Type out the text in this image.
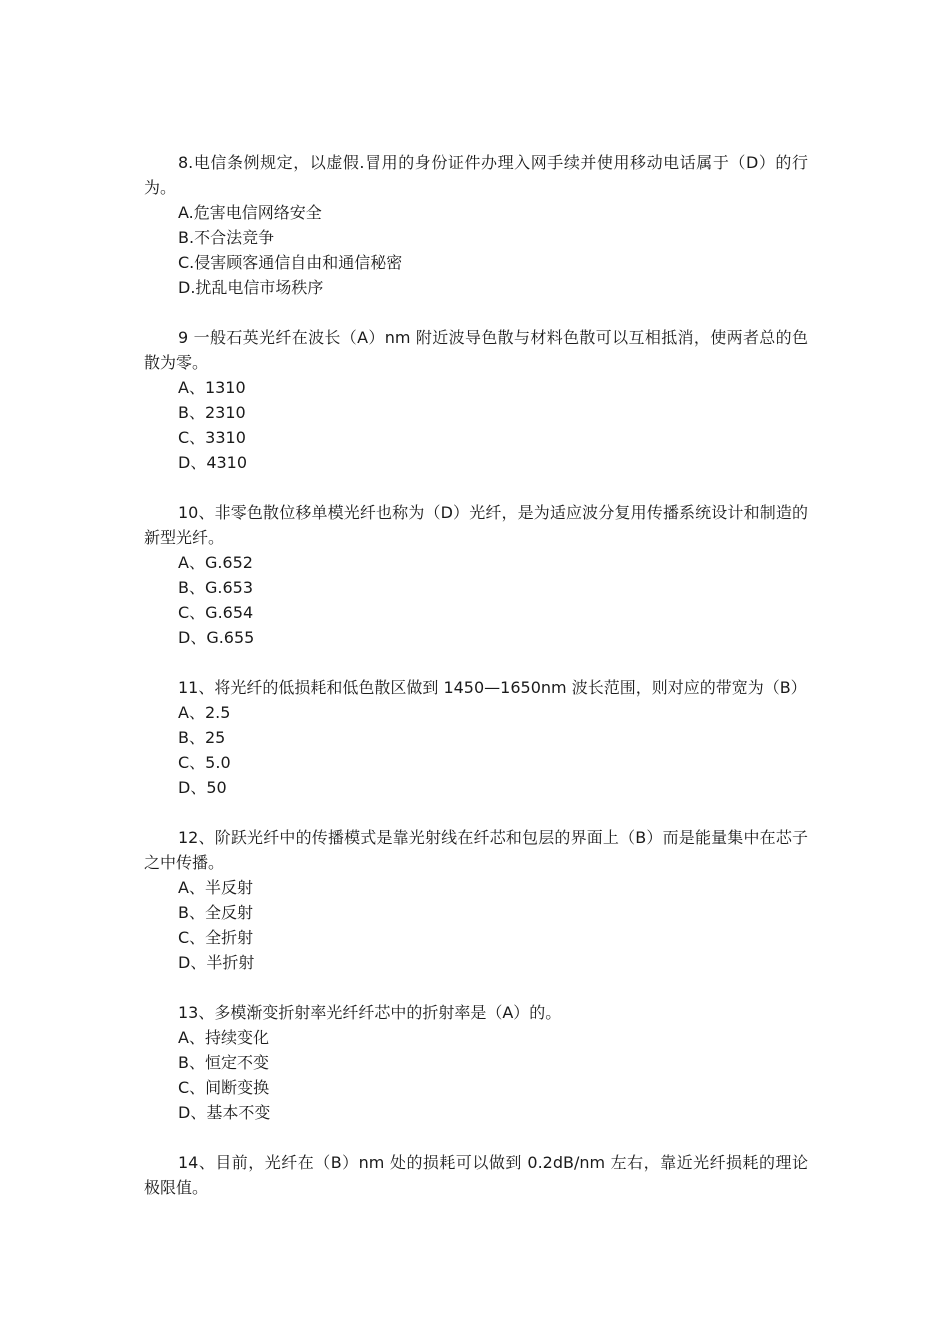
8.电信条例规定，以虚假.冒用的身份证件办理入网手续并使用移动电话属于（D）的行为。

A.危害电信网络安全
B.不合法竞争
C.侵害顾客通信自由和通信秘密
D.扰乱电信市场秩序

9 一般石英光纤在波长（A）nm 附近波导色散与材料色散可以互相抵消，使两者总的色散为零。

A、1310
B、2310
C、3310
D、4310

10、非零色散位移单模光纤也称为（D）光纤，是为适应波分复用传播系统设计和制造的新型光纤。

A、G.652
B、G.653
C、G.654
D、G.655

11、将光纤的低损耗和低色散区做到 1450—1650nm 波长范围，则对应的带宽为（B）

A、2.5
B、25
C、5.0
D、50

12、阶跃光纤中的传播模式是靠光射线在纤芯和包层的界面上（B）而是能量集中在芯子之中传播。

A、半反射
B、全反射
C、全折射
D、半折射

13、多模渐变折射率光纤纤芯中的折射率是（A）的。

A、持续变化
B、恒定不变
C、间断变换
D、基本不变

14、目前，光纤在（B）nm 处的损耗可以做到 0.2dB/nm 左右，靠近光纤损耗的理论极限值。
